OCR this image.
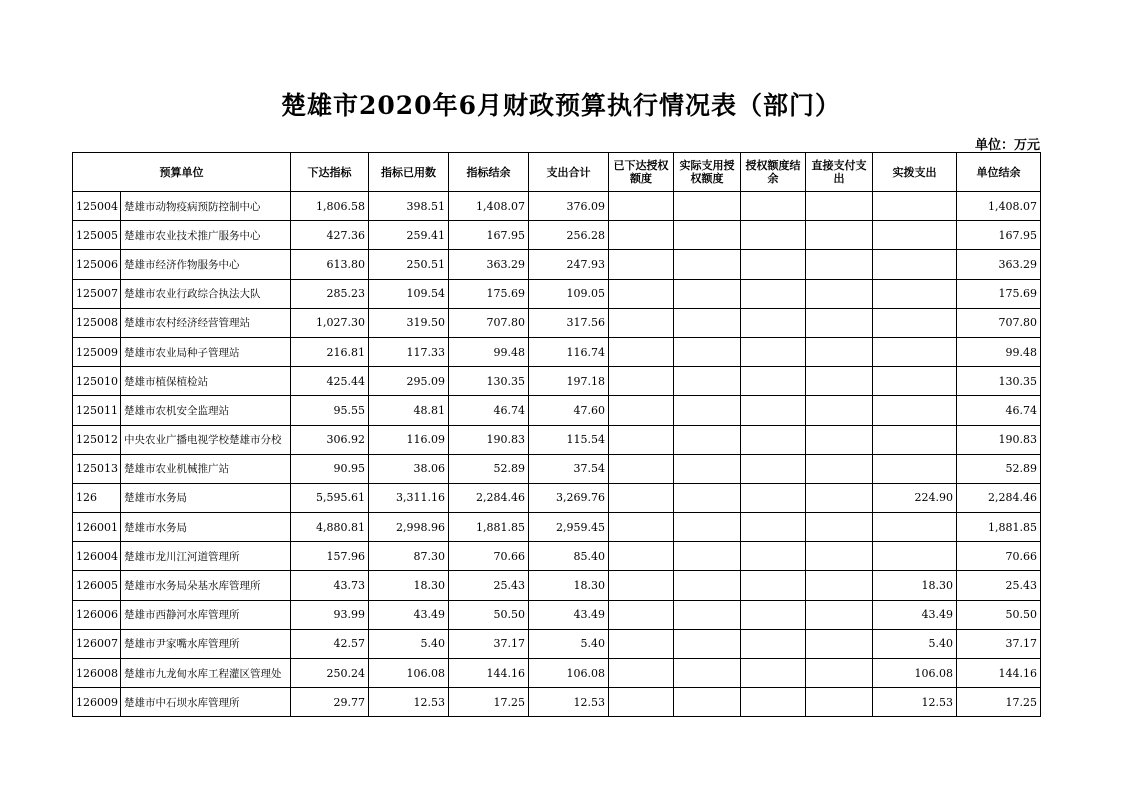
楚雄市2020年6月财政预算执行情况表（部门）
单位：万元
预算单位		下达指标	指标已用数	指标结余	支出合计	已下达授权额度	实际支用授权额度	授权额度结余	直接支付支出	实拨支出	单位结余
125004	楚雄市动物疫病预防控制中心	1,806.58	398.51	1,408.07	376.09						1,408.07
125005	楚雄市农业技术推广服务中心	427.36	259.41	167.95	256.28						167.95
125006	楚雄市经济作物服务中心	613.80	250.51	363.29	247.93						363.29
125007	楚雄市农业行政综合执法大队	285.23	109.54	175.69	109.05						175.69
125008	楚雄市农村经济经营管理站	1,027.30	319.50	707.80	317.56						707.80
125009	楚雄市农业局种子管理站	216.81	117.33	99.48	116.74						99.48
125010	楚雄市植保植检站	425.44	295.09	130.35	197.18						130.35
125011	楚雄市农机安全监理站	95.55	48.81	46.74	47.60						46.74
125012	中央农业广播电视学校楚雄市分校	306.92	116.09	190.83	115.54						190.83
125013	楚雄市农业机械推广站	90.95	38.06	52.89	37.54						52.89
126	楚雄市水务局	5,595.61	3,311.16	2,284.46	3,269.76					224.90	2,284.46
126001	楚雄市水务局	4,880.81	2,998.96	1,881.85	2,959.45						1,881.85
126004	楚雄市龙川江河道管理所	157.96	87.30	70.66	85.40						70.66
126005	楚雄市水务局朵基水库管理所	43.73	18.30	25.43	18.30					18.30	25.43
126006	楚雄市西静河水库管理所	93.99	43.49	50.50	43.49					43.49	50.50
126007	楚雄市尹家嘴水库管理所	42.57	5.40	37.17	5.40					5.40	37.17
126008	楚雄市九龙甸水库工程灌区管理处	250.24	106.08	144.16	106.08					106.08	144.16
126009	楚雄市中石坝水库管理所	29.77	12.53	17.25	12.53					12.53	17.25
